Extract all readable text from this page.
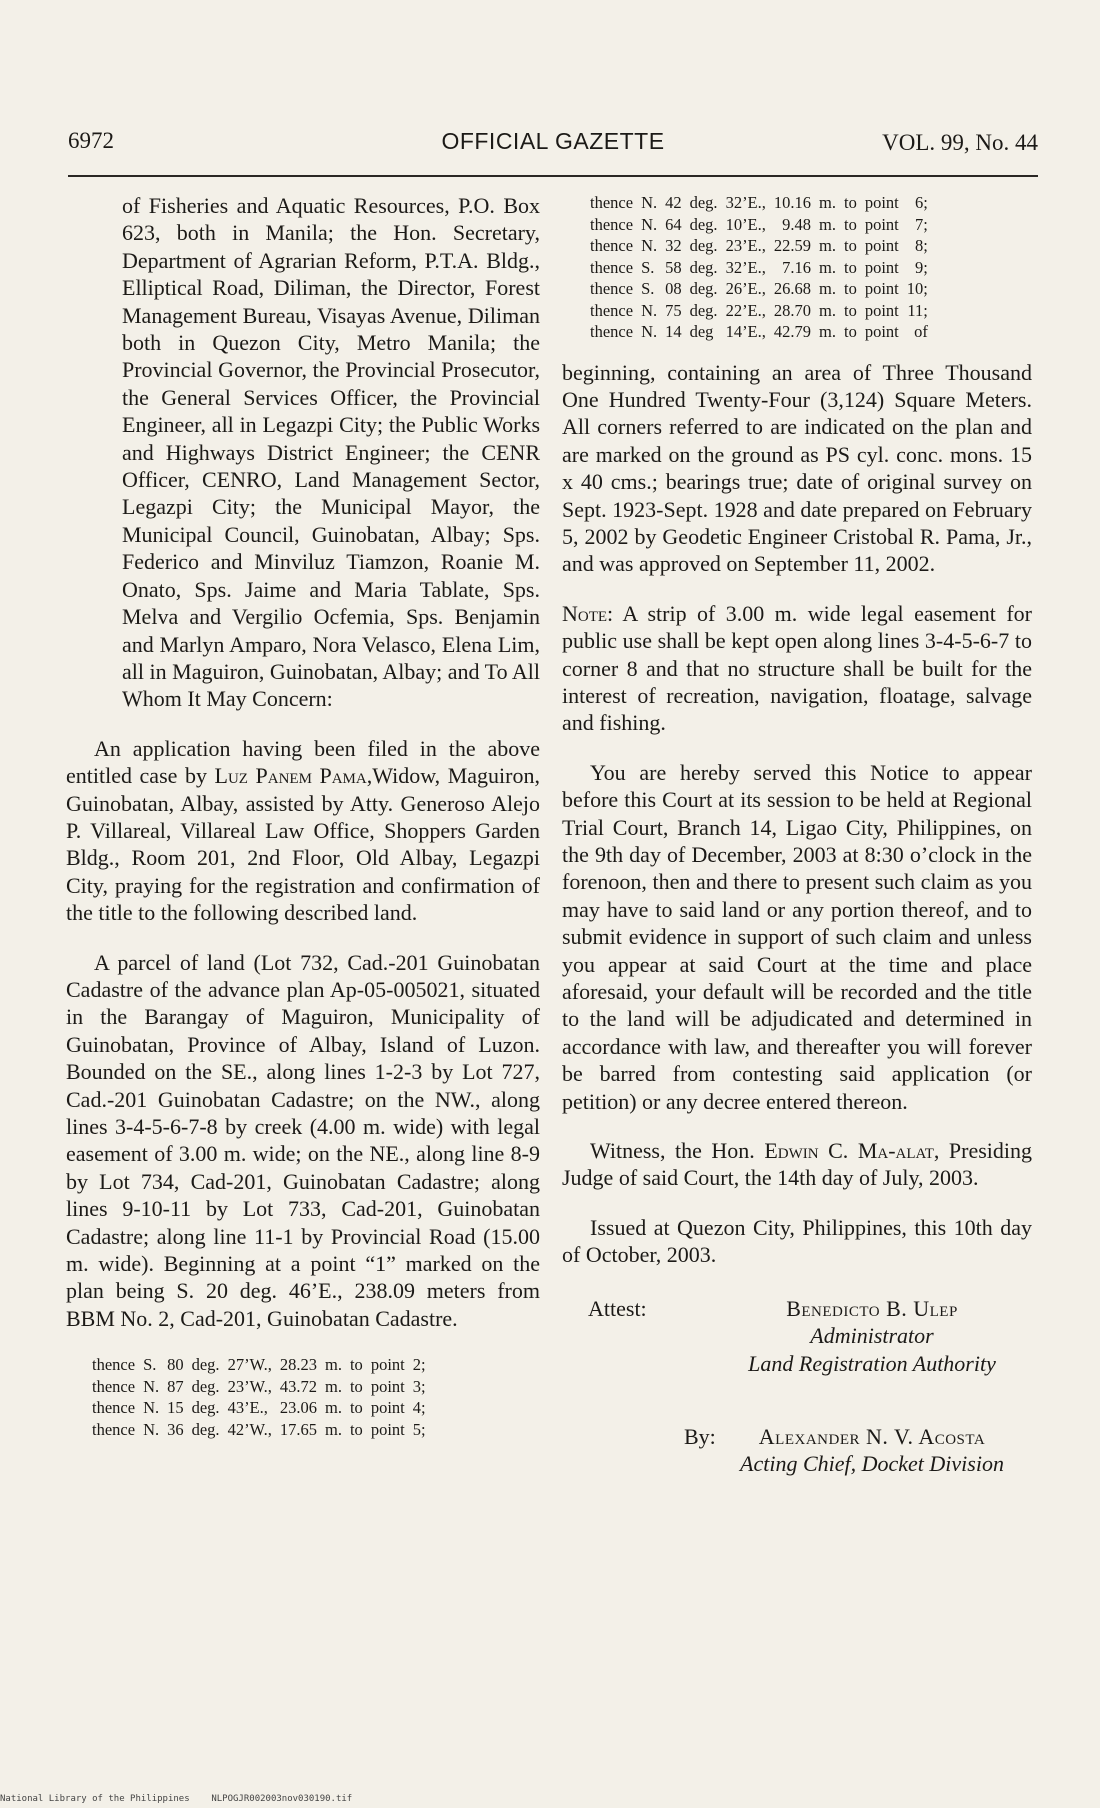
6972	OFFICIAL GAZETTE	VOL. 99, No. 44

of Fisheries and Aquatic Resources, P.O. Box 623, both in Manila; the Hon. Secretary, Department of Agrarian Reform, P.T.A. Bldg., Elliptical Road, Diliman, the Director, Forest Management Bureau, Visayas Avenue, Diliman both in Quezon City, Metro Manila; the Provincial Governor, the Provincial Prosecutor, the General Services Officer, the Provincial Engineer, all in Legazpi City; the Public Works and Highways District Engineer; the CENR Officer, CENRO, Land Management Sector, Legazpi City; the Municipal Mayor, the Municipal Council, Guinobatan, Albay; Sps. Federico and Minviluz Tiamzon, Roanie M. Onato, Sps. Jaime and Maria Tablate, Sps. Melva and Vergilio Ocfemia, Sps. Benjamin and Marlyn Amparo, Nora Velasco, Elena Lim, all in Maguiron, Guinobatan, Albay; and To All Whom It May Concern:

An application having been filed in the above entitled case by Luz Panem Pama,Widow, Maguiron, Guinobatan, Albay, assisted by Atty. Generoso Alejo P. Villareal, Villareal Law Office, Shoppers Garden Bldg., Room 201, 2nd Floor, Old Albay, Legazpi City, praying for the registration and confirmation of the title to the following described land.

A parcel of land (Lot 732, Cad.-201 Guinobatan Cadastre of the advance plan Ap-05-005021, situated in the Barangay of Maguiron, Municipality of Guinobatan, Province of Albay, Island of Luzon. Bounded on the SE., along lines 1-2-3 by Lot 727, Cad.-201 Guinobatan Cadastre; on the NW., along lines 3-4-5-6-7-8 by creek (4.00 m. wide) with legal easement of 3.00 m. wide; on the NE., along line 8-9 by Lot 734, Cad-201, Guinobatan Cadastre; along lines 9-10-11 by Lot 733, Cad-201, Guinobatan Cadastre; along line 11-1 by Provincial Road (15.00 m. wide). Beginning at a point “1” marked on the plan being S. 20 deg. 46’E., 238.09 meters from BBM No. 2, Cad-201, Guinobatan Cadastre.

thence	S.	80	deg.	27’W.,	28.23	m.	to	point	2;
thence	N.	87	deg.	23’W.,	43.72	m.	to	point	3;
thence	N.	15	deg.	43’E.,	23.06	m.	to	point	4;
thence	N.	36	deg.	42’W.,	17.65	m.	to	point	5;
thence	N.	42	deg.	32’E.,	10.16	m.	to	point	6;
thence	N.	64	deg.	10’E.,	9.48	m.	to	point	7;
thence	N.	32	deg.	23’E.,	22.59	m.	to	point	8;
thence	S.	58	deg.	32’E.,	7.16	m.	to	point	9;
thence	S.	08	deg.	26’E.,	26.68	m.	to	point	10;
thence	N.	75	deg.	22’E.,	28.70	m.	to	point	11;
thence	N.	14	deg	14’E.,	42.79	m.	to	point	of

beginning, containing an area of Three Thousand One Hundred Twenty-Four (3,124) Square Meters. All corners referred to are indicated on the plan and are marked on the ground as PS cyl. conc. mons. 15 x 40 cms.; bearings true; date of original survey on Sept. 1923-Sept. 1928 and date prepared on February 5, 2002 by Geodetic Engineer Cristobal R. Pama, Jr., and was approved on September 11, 2002.

Note: A strip of 3.00 m. wide legal easement for public use shall be kept open along lines 3-4-5-6-7 to corner 8 and that no structure shall be built for the interest of recreation, navigation, floatage, salvage and fishing.

You are hereby served this Notice to appear before this Court at its session to be held at Regional Trial Court, Branch 14, Ligao City, Philippines, on the 9th day of December, 2003 at 8:30 o’clock in the forenoon, then and there to present such claim as you may have to said land or any portion thereof, and to submit evidence in support of such claim and unless you appear at said Court at the time and place aforesaid, your default will be recorded and the title to the land will be adjudicated and determined in accordance with law, and thereafter you will forever be barred from contesting said application (or petition) or any decree entered thereon.

Witness, the Hon. Edwin C. Ma-alat, Presiding Judge of said Court, the 14th day of July, 2003.

Issued at Quezon City, Philippines, this 10th day of October, 2003.

Attest:	Benedicto B. Ulep
Administrator
Land Registration Authority
By:	Alexander N. V. Acosta
Acting Chief, Docket Division
National Library of the Philippines NLPOGJR002003nov030190.tif
